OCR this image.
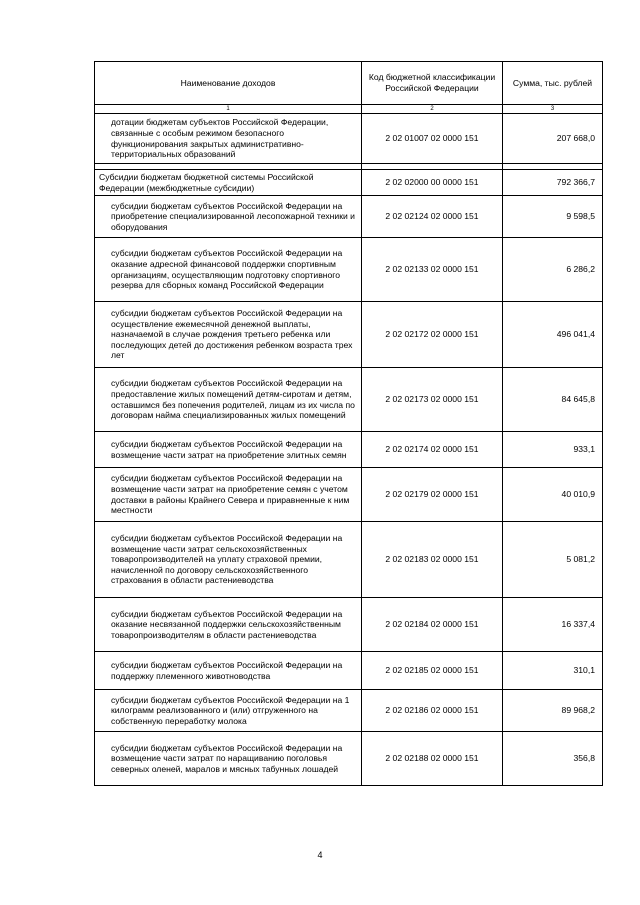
Наименование доходов	Код бюджетной классификации Российской Федерации	Сумма, тыс. рублей
1	2	3
дотации бюджетам субъектов Российской Федерации, связанные с особым режимом безопасного функционирования закрытых административно-территориальных образований	2 02 01007 02 0000 151	207 668,0

Субсидии бюджетам бюджетной системы Российской Федерации (межбюджетные субсидии)	2 02 02000 00 0000 151	792 366,7
субсидии бюджетам субъектов Российской Федерации на приобретение специализированной лесопожарной техники и оборудования	2 02 02124 02 0000 151	9 598,5
субсидии бюджетам субъектов Российской Федерации на оказание адресной финансовой поддержки спортивным организациям, осуществляющим подготовку спортивного резерва для сборных команд Российской Федерации	2 02 02133 02 0000 151	6 286,2
субсидии бюджетам субъектов Российской Федерации на осуществление ежемесячной денежной выплаты, назначаемой в случае рождения третьего ребенка или последующих детей до достижения ребенком возраста трех лет	2 02 02172 02 0000 151	496 041,4
субсидии бюджетам субъектов Российской Федерации на предоставление жилых помещений детям-сиротам и детям, оставшимся без попечения родителей, лицам из их числа по договорам найма специализированных жилых помещений	2 02 02173 02 0000 151	84 645,8
субсидии бюджетам субъектов Российской Федерации на возмещение части затрат на приобретение элитных семян	2 02 02174 02 0000 151	933,1
субсидии бюджетам субъектов Российской Федерации на возмещение части затрат на приобретение семян с учетом доставки в районы Крайнего Севера и приравненные к ним местности	2 02 02179 02 0000 151	40 010,9
субсидии бюджетам субъектов Российской Федерации на возмещение части затрат сельскохозяйственных товаропроизводителей на уплату страховой премии, начисленной по договору сельскохозяйственного страхования в области растениеводства	2 02 02183 02 0000 151	5 081,2
субсидии бюджетам субъектов Российской Федерации на оказание несвязанной поддержки сельскохозяйственным товаропроизводителям в области растениеводства	2 02 02184 02 0000 151	16 337,4
субсидии бюджетам субъектов Российской Федерации на поддержку племенного животноводства	2 02 02185 02 0000 151	310,1
субсидии бюджетам субъектов Российской Федерации на 1 килограмм реализованного и (или) отгруженного на собственную переработку молока	2 02 02186 02 0000 151	89 968,2
субсидии бюджетам субъектов Российской Федерации на возмещение части затрат по наращиванию поголовья северных оленей, маралов и мясных табунных лошадей	2 02 02188 02 0000 151	356,8
4
